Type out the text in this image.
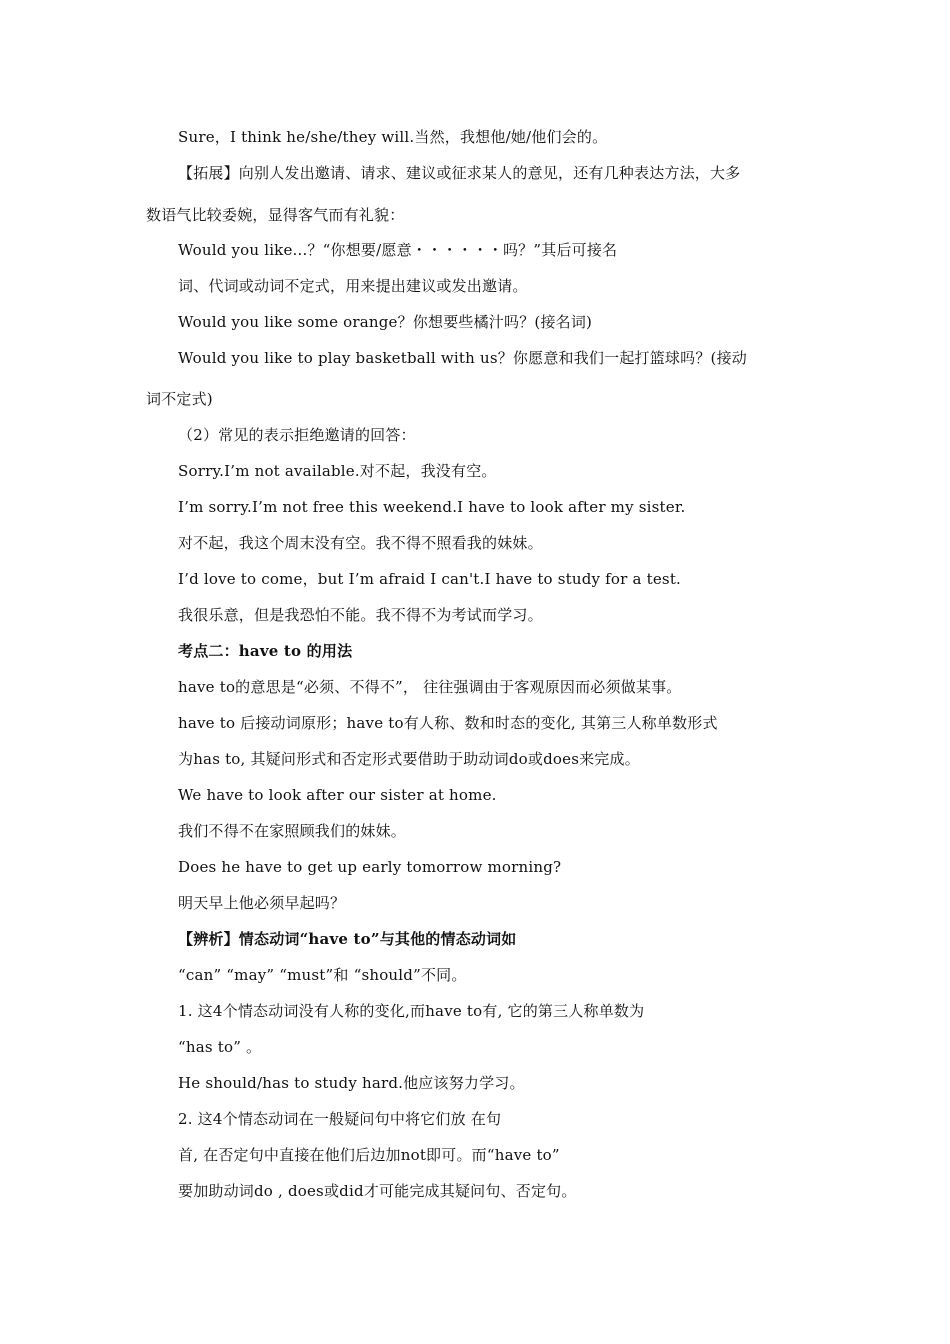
Sure，I think he/she/they will.当然，我想他/她/他们会的。
【拓展】向别人发出邀请、请求、建议或征求某人的意见，还有几种表达方法，大多
数语气比较委婉，显得客气而有礼貌：
Would you like...？“你想要/愿意・・・・・・吗？”其后可接名
词、代词或动词不定式，用来提出建议或发出邀请。
Would you like some orange？你想要些橘汁吗？(接名词)
Would you like to play basketball with us？你愿意和我们一起打篮球吗？(接动
词不定式)
（2）常见的表示拒绝邀请的回答：
Sorry.I’m not available.对不起，我没有空。
I’m sorry.I’m not free this weekend.I have to look after my sister.
对不起，我这个周末没有空。我不得不照看我的妹妹。
I’d love to come，but I’m afraid I can't.I have to study for a test.
我很乐意，但是我恐怕不能。我不得不为考试而学习。
考点二：have to 的用法
have to的意思是“必须、不得不”， 往往强调由于客观原因而必须做某事。
have to 后接动词原形；have to有人称、数和时态的变化, 其第三人称单数形式
为has to, 其疑问形式和否定形式要借助于助动词do或does来完成。
We have to look after our sister at home.
我们不得不在家照顾我们的妹妹。
Does he have to get up early tomorrow morning?
明天早上他必须早起吗？
【辨析】情态动词“have to”与其他的情态动词如
“can” “may” “must”和 “should”不同。
1. 这4个情态动词没有人称的变化,而have to有, 它的第三人称单数为
“has to” 。
He should/has to study hard.他应该努力学习。
2. 这4个情态动词在一般疑问句中将它们放 在句
首, 在否定句中直接在他们后边加not即可。而“have to”
要加助动词do , does或did才可能完成其疑问句、否定句。
